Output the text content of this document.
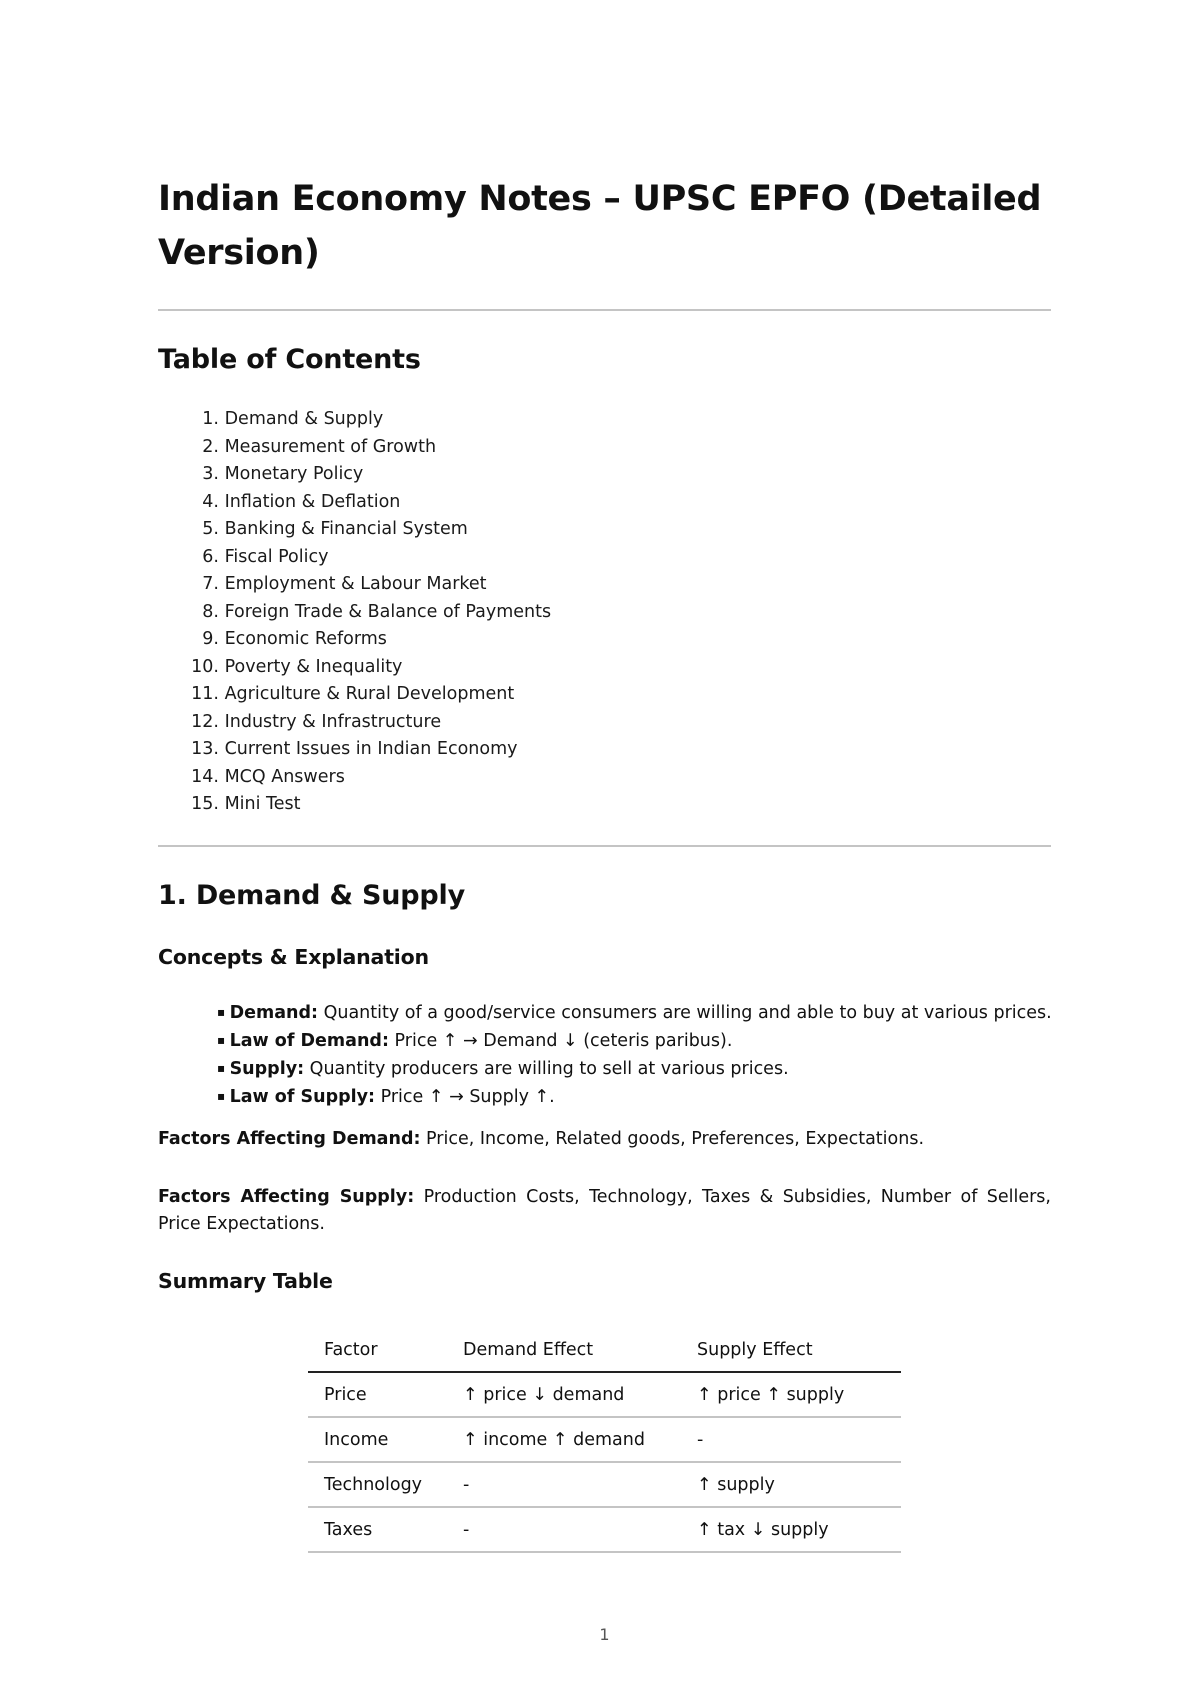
Indian Economy Notes – UPSC EPFO (Detailed Version)
Table of Contents
1. Demand & Supply
2. Measurement of Growth
3. Monetary Policy
4. Inflation & Deflation
5. Banking & Financial System
6. Fiscal Policy
7. Employment & Labour Market
8. Foreign Trade & Balance of Payments
9. Economic Reforms
10. Poverty & Inequality
11. Agriculture & Rural Development
12. Industry & Infrastructure
13. Current Issues in Indian Economy
14. MCQ Answers
15. Mini Test
1. Demand & Supply
Concepts & Explanation
▪ Demand: Quantity of a good/service consumers are willing and able to buy at various prices.
▪ Law of Demand: Price ↑ → Demand ↓ (ceteris paribus).
▪ Supply: Quantity producers are willing to sell at various prices.
▪ Law of Supply: Price ↑ → Supply ↑.

Factors Affecting Demand: Price, Income, Related goods, Preferences, Expectations.

Factors Affecting Supply: Production Costs, Technology, Taxes & Subsidies, Number of Sellers, Price Expectations.

Summary Table
Factor	Demand Effect	Supply Effect
Price	↑ price ↓ demand	↑ price ↑ supply
Income	↑ income ↑ demand	-
Technology	-	↑ supply
Taxes	-	↑ tax ↓ supply

1
